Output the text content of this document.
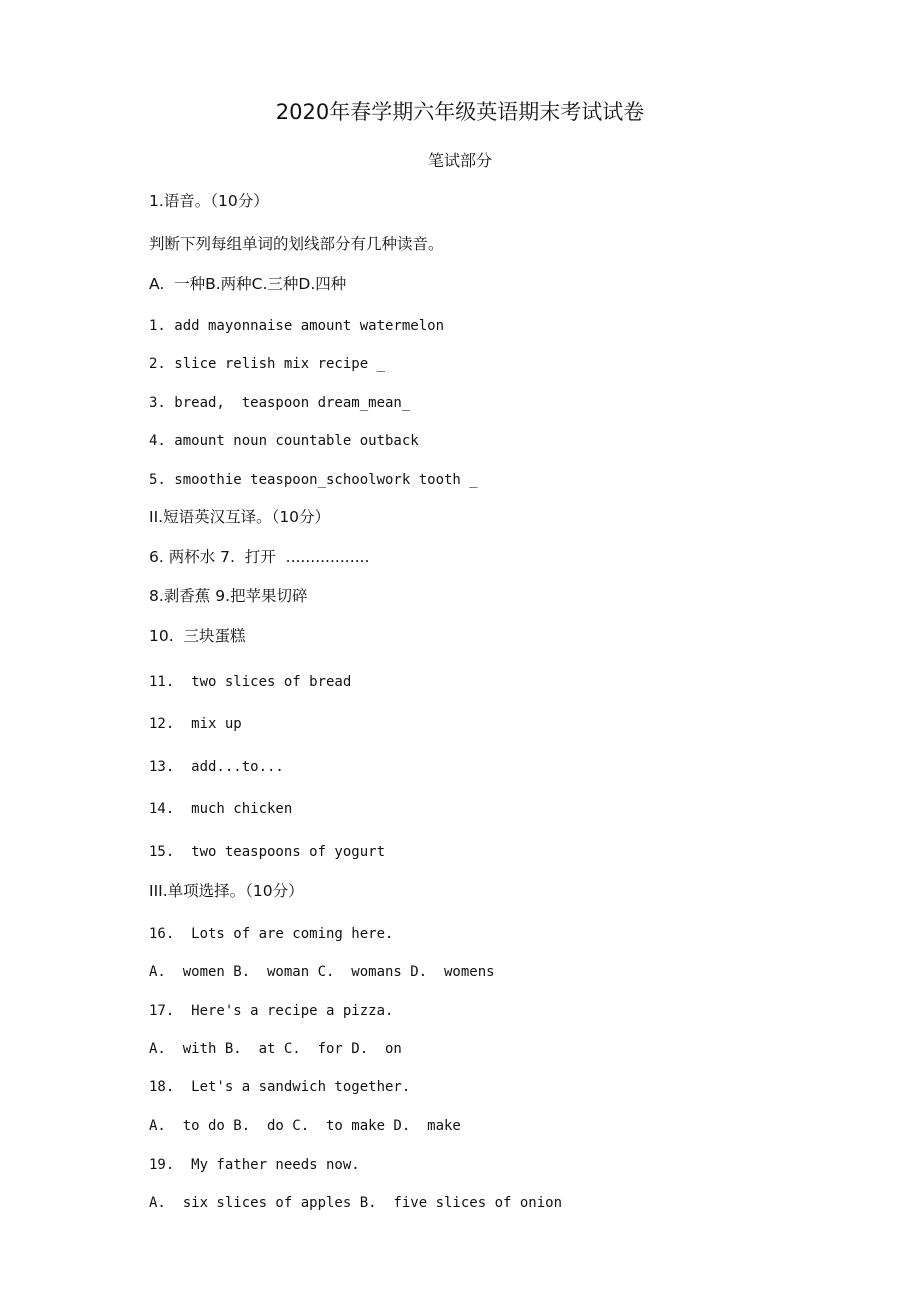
2020年春学期六年级英语期末考试试卷
笔试部分
1.语音。（10分）
判断下列每组单词的划线部分有几种读音。
A.  一种B.两种C.三种D.四种
1. add mayonnaise amount watermelon
2. slice relish mix recipe _
3. bread,  teaspoon dream_mean_
4. amount noun countable outback
5. smoothie teaspoon_schoolwork tooth _
II.短语英汉互译。（10分）
6. 两杯水 7.  打开  .................
8.剥香蕉 9.把苹果切碎
10.  三块蛋糕
11.  two slices of bread
12.  mix up
13.  add...to...
14.  much chicken
15.  two teaspoons of yogurt
III.单项选择。（10分）
16.  Lots of are coming here.
A.  women B.  woman C.  womans D.  womens
17.  Here's a recipe a pizza.
A.  with B.  at C.  for D.  on
18.  Let's a sandwich together.
A.  to do B.  do C.  to make D.  make
19.  My father needs now.
A.  six slices of apples B.  five slices of onion
